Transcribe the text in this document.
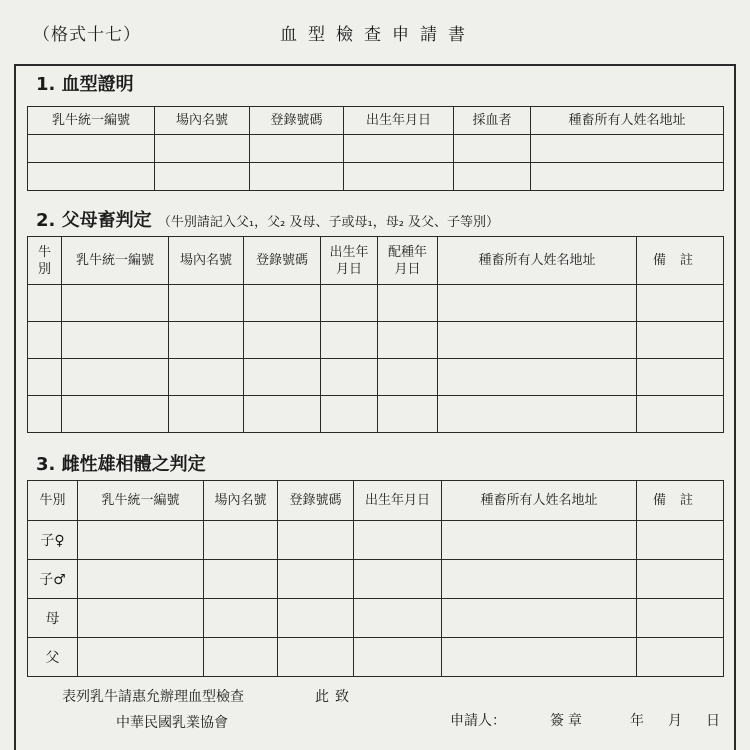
（格式十七）	血型檢查申請書
1. 血型證明
乳牛統一編號	場內名號	登錄號碼	出生年月日	採血者	種畜所有人姓名地址

2. 父母畜判定 （牛別請記入父₁，父₂ 及母、子或母₁，母₂ 及父、子等別）
牛別	乳牛統一編號	場內名號	登錄號碼	出生年月日	配種年月日	種畜所有人姓名地址	備註

3. 雌性雄相體之判定
牛別	乳牛統一編號	場內名號	登錄號碼	出生年月日	種畜所有人姓名地址	備註
子♀						
子♂						
母						
父						
表列乳牛請惠允辦理血型檢查	此致
中華民國乳業協會	申請人：	簽章	年 月 日
